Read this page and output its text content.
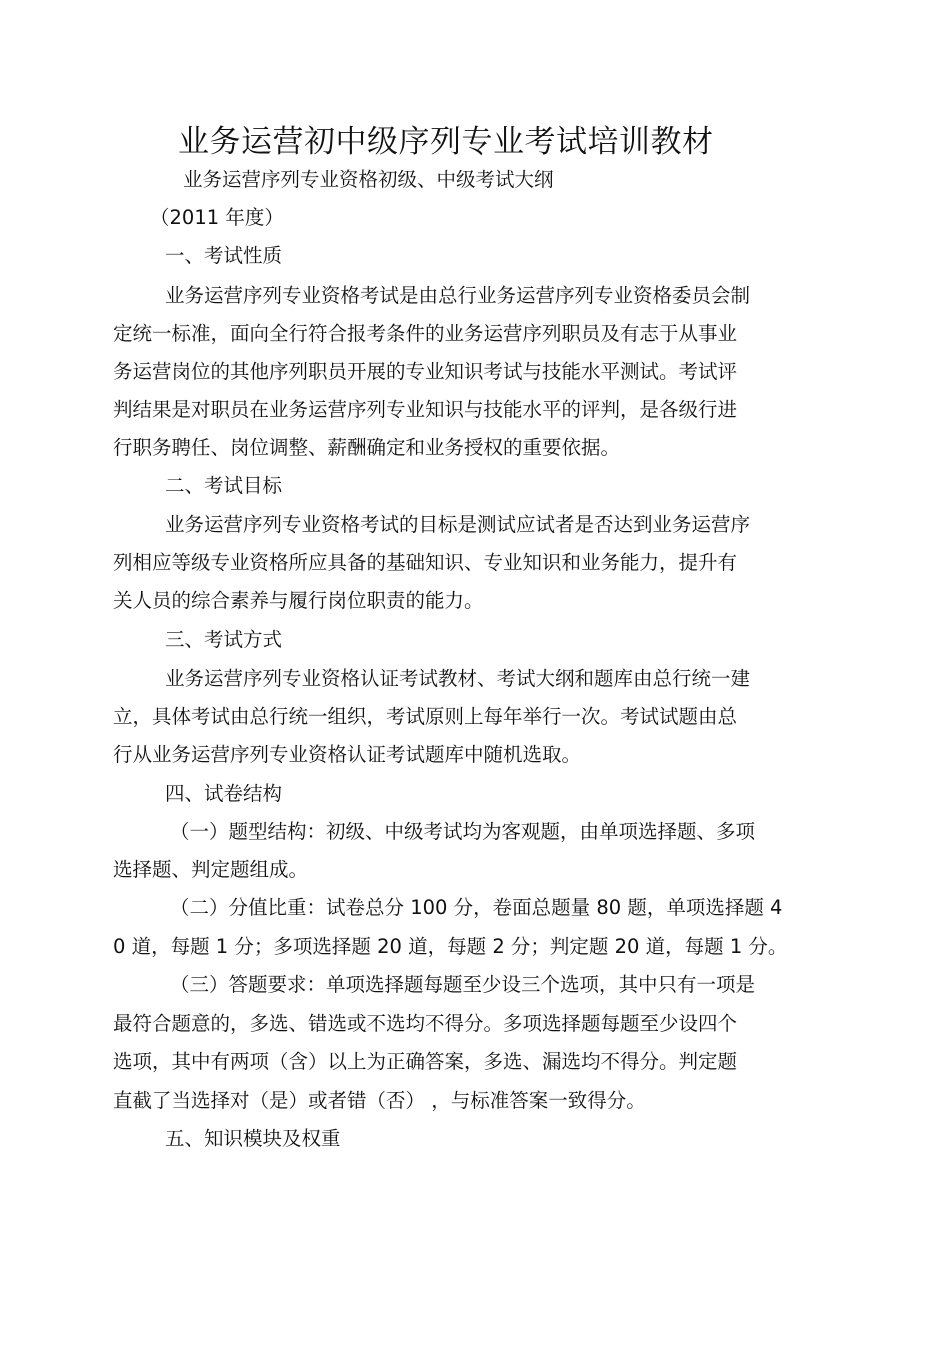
业务运营初中级序列专业考试培训教材
业务运营序列专业资格初级、中级考试大纲
（2011 年度）
一、考试性质
业务运营序列专业资格考试是由总行业务运营序列专业资格委员会制
定统一标准，面向全行符合报考条件的业务运营序列职员及有志于从事业
务运营岗位的其他序列职员开展的专业知识考试与技能水平测试。考试评
判结果是对职员在业务运营序列专业知识与技能水平的评判，是各级行进
行职务聘任、岗位调整、薪酬确定和业务授权的重要依据。
二、考试目标
业务运营序列专业资格考试的目标是测试应试者是否达到业务运营序
列相应等级专业资格所应具备的基础知识、专业知识和业务能力，提升有
关人员的综合素养与履行岗位职责的能力。
三、考试方式
业务运营序列专业资格认证考试教材、考试大纲和题库由总行统一建
立，具体考试由总行统一组织，考试原则上每年举行一次。考试试题由总
行从业务运营序列专业资格认证考试题库中随机选取。
四、试卷结构
（一）题型结构：初级、中级考试均为客观题，由单项选择题、多项
选择题、判定题组成。
（二）分值比重：试卷总分 100 分，卷面总题量 80 题，单项选择题 4
0 道，每题 1 分；多项选择题 20 道，每题 2 分；判定题 20 道，每题 1 分。
（三）答题要求：单项选择题每题至少设三个选项，其中只有一项是
最符合题意的，多选、错选或不选均不得分。多项选择题每题至少设四个
选项，其中有两项（含）以上为正确答案，多选、漏选均不得分。判定题
直截了当选择对（是）或者错（否） ，与标准答案一致得分。
五、知识模块及权重
